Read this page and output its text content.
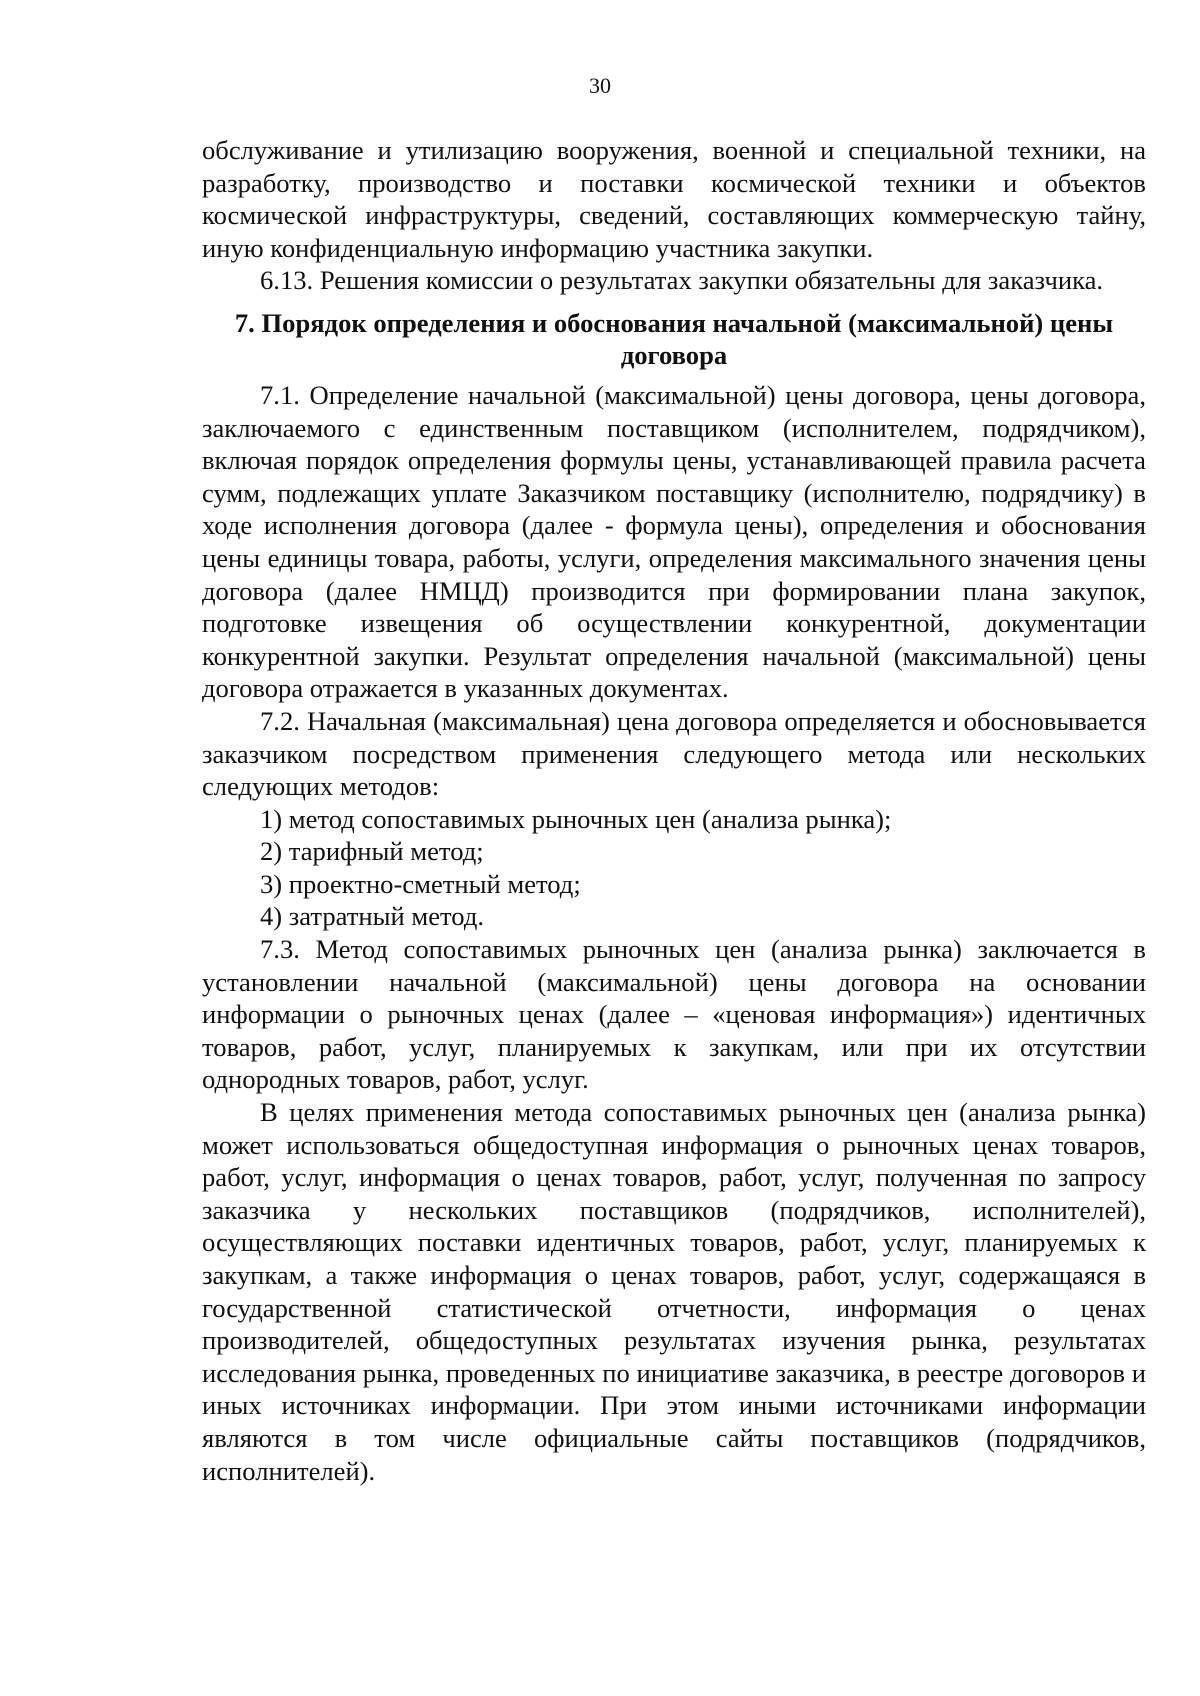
30

обслуживание и утилизацию вооружения, военной и специальной техники, на разработку, производство и поставки космической техники и объектов космической инфраструктуры, сведений, составляющих коммерческую тайну, иную конфиденциальную информацию участника закупки.

6.13. Решения комиссии о результатах закупки обязательны для заказчика.

7. Порядок определения и обоснования начальной (максимальной) цены договора

7.1. Определение начальной (максимальной) цены договора, цены договора, заключаемого с единственным поставщиком (исполнителем, подрядчиком), включая порядок определения формулы цены, устанавливающей правила расчета сумм, подлежащих уплате Заказчиком поставщику (исполнителю, подрядчику) в ходе исполнения договора (далее - формула цены), определения и обоснования цены единицы товара, работы, услуги, определения максимального значения цены договора (далее НМЦД) производится при формировании плана закупок, подготовке извещения об осуществлении конкурентной, документации конкурентной закупки. Результат определения начальной (максимальной) цены договора отражается в указанных документах.

7.2. Начальная (максимальная) цена договора определяется и обосновывается заказчиком посредством применения следующего метода или нескольких следующих методов:

1) метод сопоставимых рыночных цен (анализа рынка);

2) тарифный метод;

3) проектно-сметный метод;

4) затратный метод.

7.3. Метод сопоставимых рыночных цен (анализа рынка) заключается в установлении начальной (максимальной) цены договора на основании информации о рыночных ценах (далее – «ценовая информация») идентичных товаров, работ, услуг, планируемых к закупкам, или при их отсутствии однородных товаров, работ, услуг.

В целях применения метода сопоставимых рыночных цен (анализа рынка) может использоваться общедоступная информация о рыночных ценах товаров, работ, услуг, информация о ценах товаров, работ, услуг, полученная по запросу заказчика у нескольких поставщиков (подрядчиков, исполнителей), осуществляющих поставки идентичных товаров, работ, услуг, планируемых к закупкам, а также информация о ценах товаров, работ, услуг, содержащаяся в государственной статистической отчетности, информация о ценах производителей, общедоступных результатах изучения рынка, результатах исследования рынка, проведенных по инициативе заказчика, в реестре договоров и иных источниках информации. При этом иными источниками информации являются в том числе официальные сайты поставщиков (подрядчиков, исполнителей).
